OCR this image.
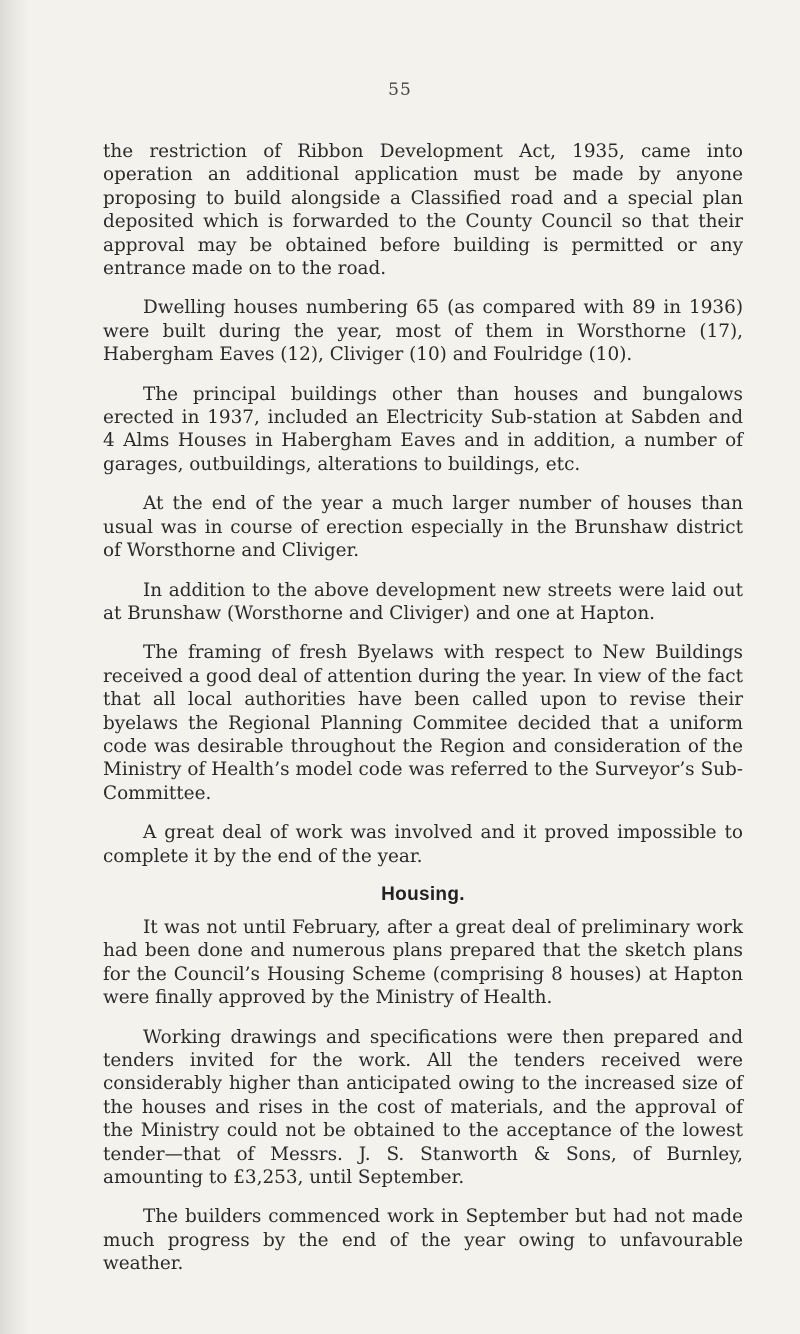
55

the restriction of Ribbon Development Act, 1935, came into operation an additional application must be made by anyone proposing to build alongside a Classified road and a special plan deposited which is forwarded to the County Council so that their approval may be obtained before building is permitted or any entrance made on to the road.

Dwelling houses numbering 65 (as compared with 89 in 1936) were built during the year, most of them in Worsthorne (17), Habergham Eaves (12), Cliviger (10) and Foulridge (10).

The principal buildings other than houses and bungalows erected in 1937, included an Electricity Sub-station at Sabden and 4 Alms Houses in Habergham Eaves and in addition, a number of garages, outbuildings, alterations to buildings, etc.

At the end of the year a much larger number of houses than usual was in course of erection especially in the Brunshaw district of Worsthorne and Cliviger.

In addition to the above development new streets were laid out at Brunshaw (Worsthorne and Cliviger) and one at Hapton.

The framing of fresh Byelaws with respect to New Buildings received a good deal of attention during the year. In view of the fact that all local authorities have been called upon to revise their byelaws the Regional Planning Commitee decided that a uniform code was desirable throughout the Region and consideration of the Ministry of Health’s model code was referred to the Surveyor’s Sub-Committee.

A great deal of work was involved and it proved impossible to complete it by the end of the year.

Housing.

It was not until February, after a great deal of preliminary work had been done and numerous plans prepared that the sketch plans for the Council’s Housing Scheme (comprising 8 houses) at Hapton were finally approved by the Ministry of Health.

Working drawings and specifications were then prepared and tenders invited for the work. All the tenders received were considerably higher than anticipated owing to the increased size of the houses and rises in the cost of materials, and the approval of the Ministry could not be obtained to the acceptance of the lowest tender—that of Messrs. J. S. Stanworth & Sons, of Burnley, amounting to £3,253, until September.

The builders commenced work in September but had not made much progress by the end of the year owing to unfavourable weather.
